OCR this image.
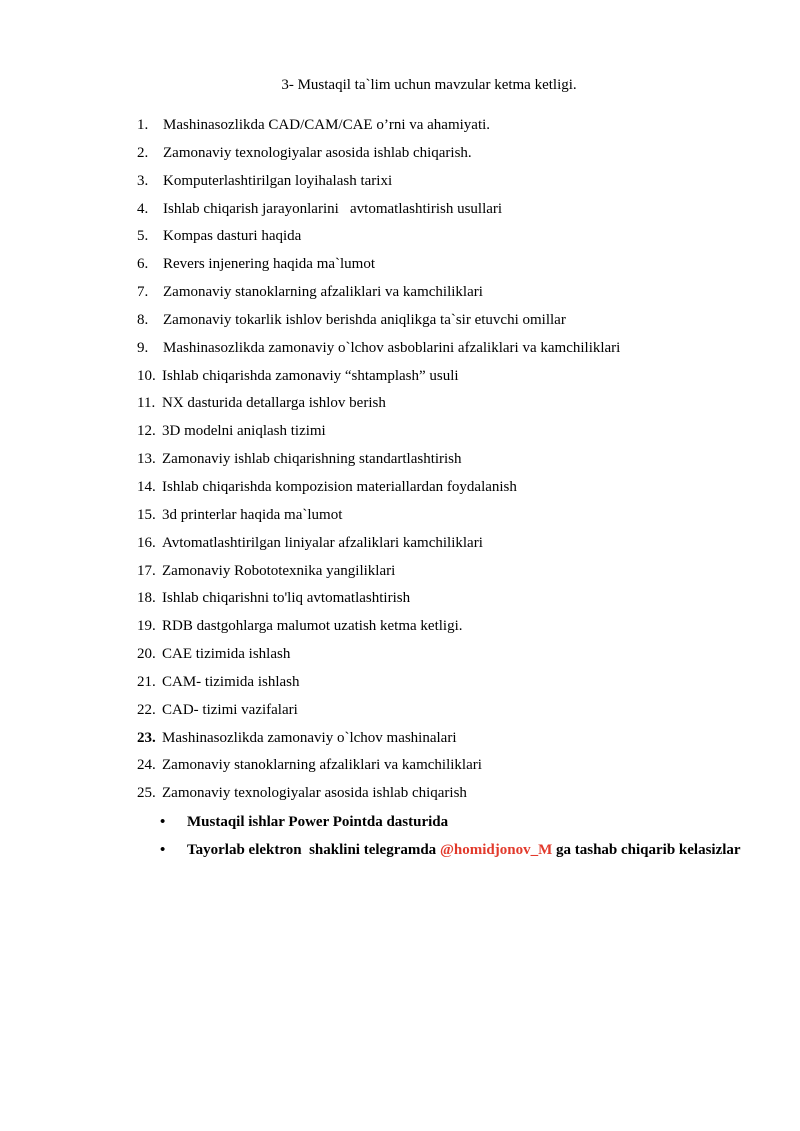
3- Mustaqil ta`lim uchun mavzular ketma ketligi.
1. Mashinasozlikda CAD/CAM/CAE o’rni va ahamiyati.
2. Zamonaviy texnologiyalar asosida ishlab chiqarish.
3. Komputerlashtirilgan loyihalash tarixi
4. Ishlab chiqarish jarayonlarini   avtomatlashtirish usullari
5. Kompas dasturi haqida
6. Revers injenering haqida ma`lumot
7. Zamonaviy stanoklarning afzaliklari va kamchiliklari
8. Zamonaviy tokarlik ishlov berishda aniqlikga ta`sir etuvchi omillar
9. Mashinasozlikda zamonaviy o`lchov asboblarini afzaliklari va kamchiliklari
10. Ishlab chiqarishda zamonaviy “shtamplash” usuli
11. NX dasturida detallarga ishlov berish
12. 3D modelni aniqlash tizimi
13. Zamonaviy ishlab chiqarishning standartlashtirish
14. Ishlab chiqarishda kompozision materiallardan foydalanish
15. 3d printerlar haqida ma`lumot
16. Avtomatlashtirilgan liniyalar afzaliklari kamchiliklari
17. Zamonaviy Robototexnika yangiliklari
18. Ishlab chiqarishni to'liq avtomatlashtirish
19. RDB dastgohlarga malumot uzatish ketma ketligi.
20. CAE tizimida ishlash
21. CAM- tizimida ishlash
22. CAD- tizimi vazifalari
23. Mashinasozlikda zamonaviy o`lchov mashinalari
24. Zamonaviy stanoklarning afzaliklari va kamchiliklari
25. Zamonaviy texnologiyalar asosida ishlab chiqarish
• Mustaqil ishlar Power Pointda dasturida
• Tayorlab elektron  shaklini telegramda @homidjonov_M ga tashab chiqarib kelasizlar
